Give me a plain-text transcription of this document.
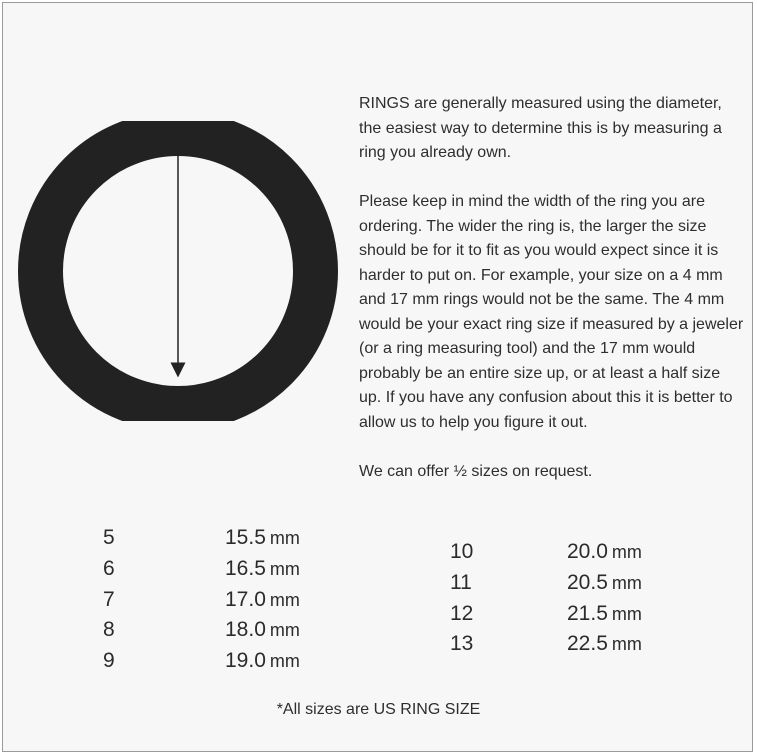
RINGS are generally measured using the diameter, the easiest way to determine this is by measuring a ring you already own.

Please keep in mind the width of the ring you are ordering. The wider the ring is, the larger the size should be for it to fit as you would expect since it is harder to put on. For example, your size on a 4 mm and 17 mm rings would not be the same. The 4 mm would be your exact ring size if measured by a jeweler (or a ring measuring tool) and the 17 mm would probably be an entire size up, or at least a half size up. If you have any confusion about this it is better to allow us to help you figure it out.

We can offer ½ sizes on request.

5	15.5 mm
6	16.5 mm
7	17.0 mm
8	18.0 mm
9	19.0 mm
10	20.0 mm
11	20.5 mm
12	21.5 mm
13	22.5 mm
*All sizes are US RING SIZE
